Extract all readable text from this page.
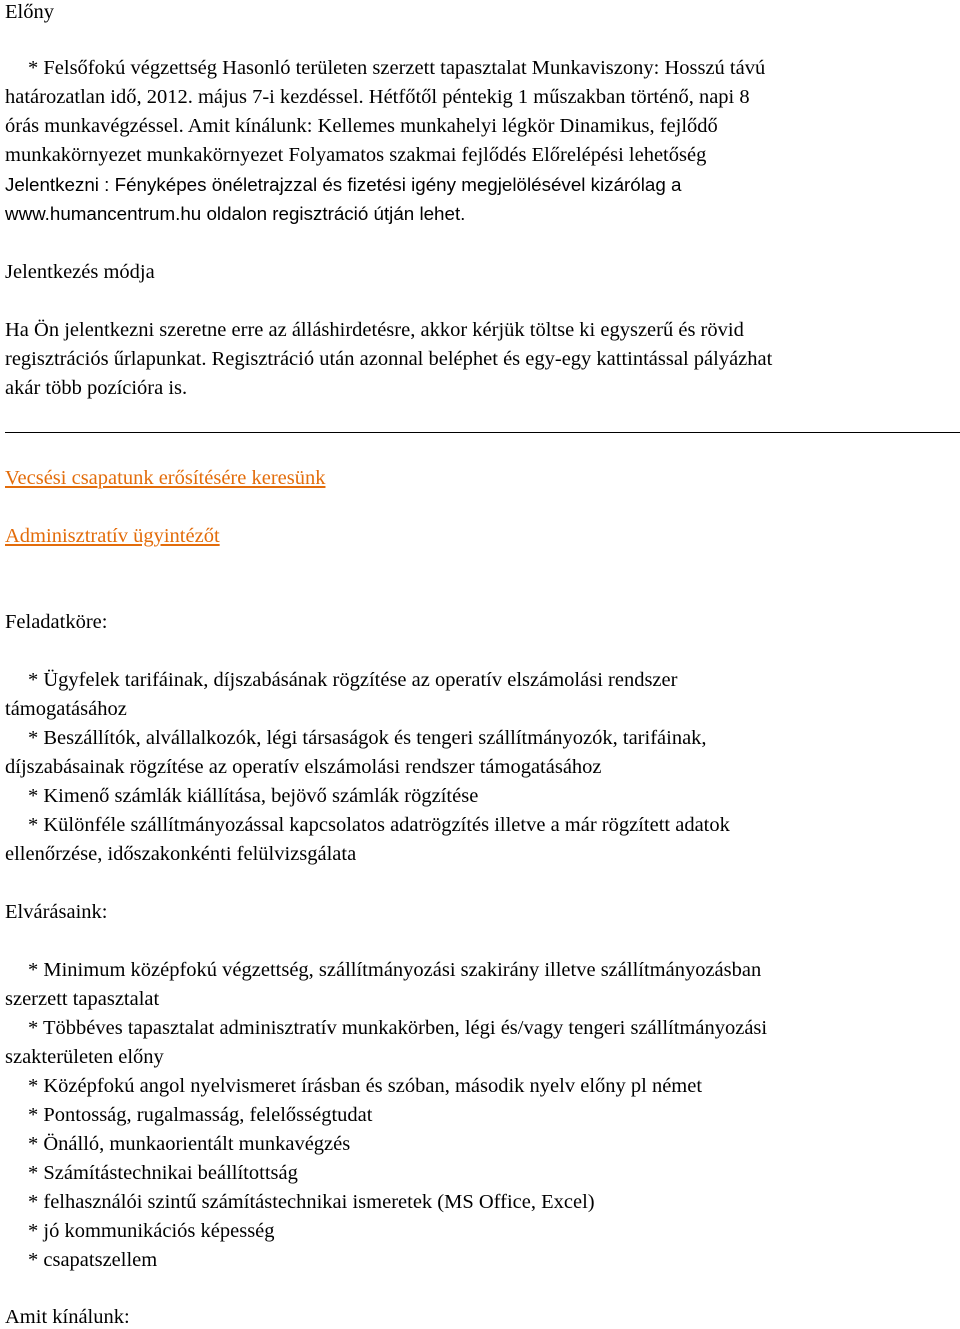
Előny
* Felsőfokú végzettség Hasonló területen szerzett tapasztalat Munkaviszony: Hosszú távú
határozatlan idő, 2012. május 7-i kezdéssel. Hétfőtől péntekig 1 műszakban történő, napi 8
órás munkavégzéssel. Amit kínálunk: Kellemes munkahelyi légkör Dinamikus, fejlődő
munkakörnyezet munkakörnyezet Folyamatos szakmai fejlődés Előrelépési lehetőség
Jelentkezni : Fényképes önéletrajzzal és fizetési igény megjelölésével kizárólag a
www.humancentrum.hu oldalon regisztráció útján lehet.
Jelentkezés módja
Ha Ön jelentkezni szeretne erre az álláshirdetésre, akkor kérjük töltse ki egyszerű és rövid
regisztrációs űrlapunkat. Regisztráció után azonnal beléphet és egy-egy kattintással pályázhat
akár több pozícióra is.
Vecsési csapatunk erősítésére keresünk
Adminisztratív ügyintézőt
Feladatköre:
* Ügyfelek tarifáinak, díjszabásának rögzítése az operatív elszámolási rendszer
támogatásához
* Beszállítók, alvállalkozók, légi társaságok és tengeri szállítmányozók, tarifáinak,
díjszabásainak rögzítése az operatív elszámolási rendszer támogatásához
* Kimenő számlák kiállítása, bejövő számlák rögzítése
* Különféle szállítmányozással kapcsolatos adatrögzítés illetve a már rögzített adatok
ellenőrzése, időszakonkénti felülvizsgálata
Elvárásaink:
* Minimum középfokú végzettség, szállítmányozási szakirány illetve szállítmányozásban
szerzett tapasztalat
* Többéves tapasztalat adminisztratív munkakörben, légi és/vagy tengeri szállítmányozási
szakterületen előny
* Középfokú angol nyelvismeret írásban és szóban, második nyelv előny pl német
* Pontosság, rugalmasság, felelősségtudat
* Önálló, munkaorientált munkavégzés
* Számítástechnikai beállítottság
* felhasználói szintű számítástechnikai ismeretek (MS Office, Excel)
* jó kommunikációs képesség
* csapatszellem
Amit kínálunk:
